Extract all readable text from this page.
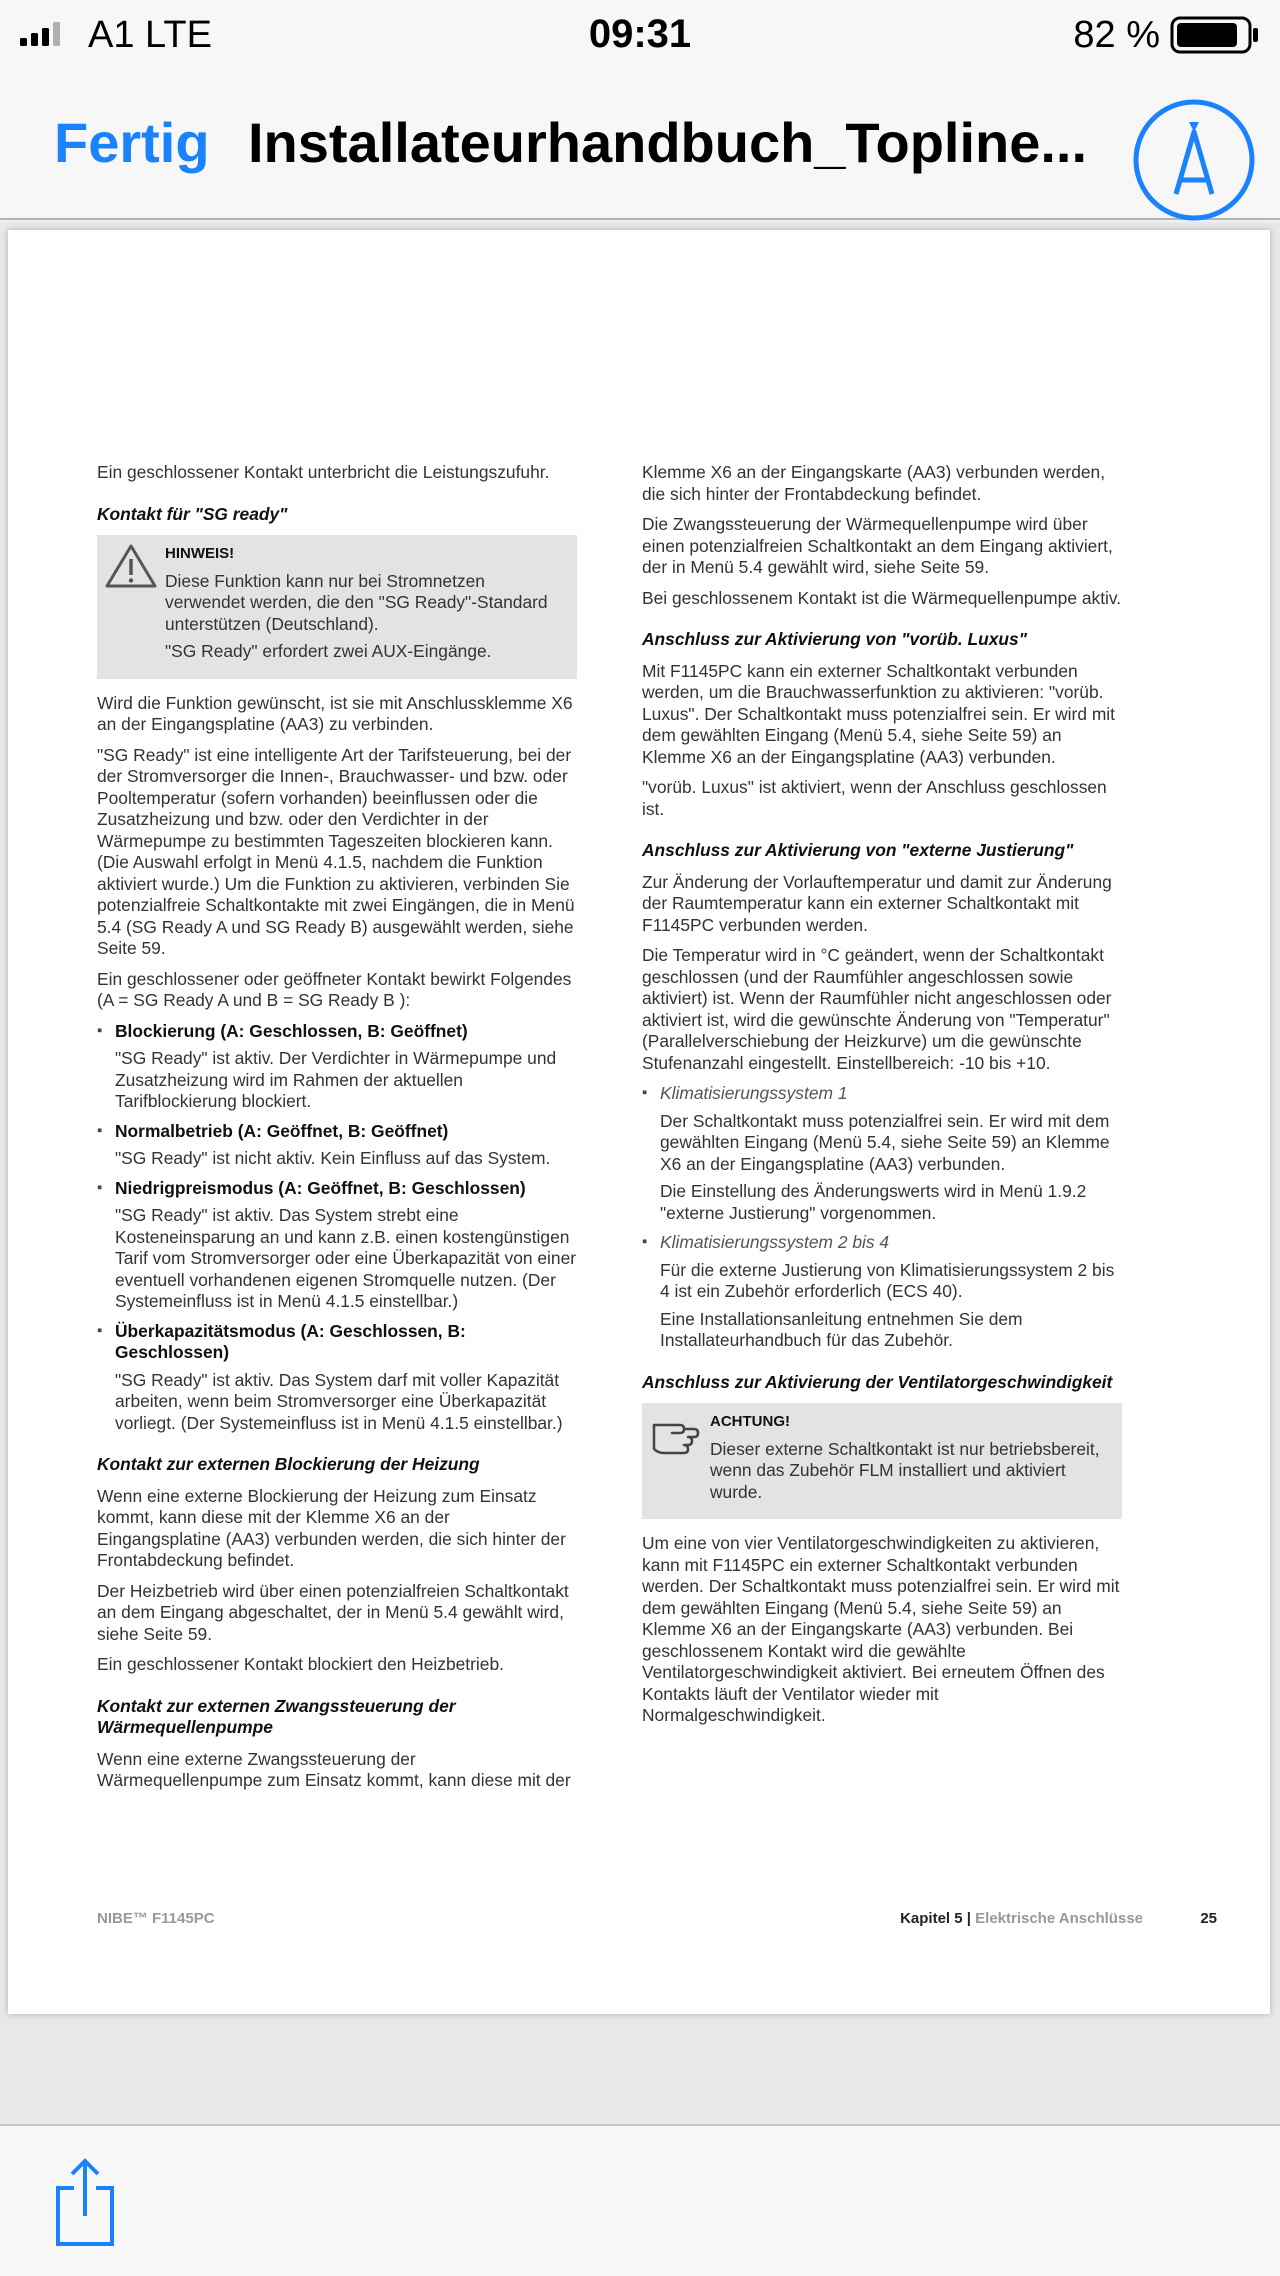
A1 LTE	09:31	82 %
Fertig Installateurhandbuch_Topline...

Ein geschlossener Kontakt unterbricht die Leistungszufuhr.

Kontakt für "SG ready"
HINWEIS!

Diese Funktion kann nur bei Stromnetzen verwendet werden, die den "SG Ready"-Standard unterstützen (Deutschland).

"SG Ready" erfordert zwei AUX-Eingänge.

Wird die Funktion gewünscht, ist sie mit Anschlussklemme X6 an der Eingangsplatine (AA3) zu verbinden.

"SG Ready" ist eine intelligente Art der Tarifsteuerung, bei der der Stromversorger die Innen-, Brauchwasser- und bzw. oder Pooltemperatur (sofern vorhanden) beeinflussen oder die Zusatzheizung und bzw. oder den Verdichter in der Wärmepumpe zu bestimmten Tageszeiten blockieren kann. (Die Auswahl erfolgt in Menü 4.1.5, nachdem die Funktion aktiviert wurde.) Um die Funktion zu aktivieren, verbinden Sie potenzialfreie Schaltkontakte mit zwei Eingängen, die in Menü 5.4 (SG Ready A und SG Ready B) ausgewählt werden, siehe Seite 59.

Ein geschlossener oder geöffneter Kontakt bewirkt Folgendes (A = SG Ready A und B = SG Ready B ):

▪ Blockierung (A: Geschlossen, B: Geöffnet)
"SG Ready" ist aktiv. Der Verdichter in Wärmepumpe und Zusatzheizung wird im Rahmen der aktuellen Tarifblockierung blockiert.
▪ Normalbetrieb (A: Geöffnet, B: Geöffnet)
"SG Ready" ist nicht aktiv. Kein Einfluss auf das System.
▪ Niedrigpreismodus (A: Geöffnet, B: Geschlossen)
"SG Ready" ist aktiv. Das System strebt eine Kosteneinsparung an und kann z.B. einen kostengünstigen Tarif vom Stromversorger oder eine Überkapazität von einer eventuell vorhandenen eigenen Stromquelle nutzen. (Der Systemeinfluss ist in Menü 4.1.5 einstellbar.)
▪ Überkapazitätsmodus (A: Geschlossen, B: Geschlossen)
"SG Ready" ist aktiv. Das System darf mit voller Kapazität arbeiten, wenn beim Stromversorger eine Überkapazität vorliegt. (Der Systemeinfluss ist in Menü 4.1.5 einstellbar.)
Kontakt zur externen Blockierung der Heizung

Wenn eine externe Blockierung der Heizung zum Einsatz kommt, kann diese mit der Klemme X6 an der Eingangsplatine (AA3) verbunden werden, die sich hinter der Frontabdeckung befindet.

Der Heizbetrieb wird über einen potenzialfreien Schaltkontakt an dem Eingang abgeschaltet, der in Menü 5.4 gewählt wird, siehe Seite 59.

Ein geschlossener Kontakt blockiert den Heizbetrieb.

Kontakt zur externen Zwangssteuerung der Wärmequellenpumpe

Wenn eine externe Zwangssteuerung der Wärmequellenpumpe zum Einsatz kommt, kann diese mit der

Klemme X6 an der Eingangskarte (AA3) verbunden werden, die sich hinter der Frontabdeckung befindet.

Die Zwangssteuerung der Wärmequellenpumpe wird über einen potenzialfreien Schaltkontakt an dem Eingang aktiviert, der in Menü 5.4 gewählt wird, siehe Seite 59.

Bei geschlossenem Kontakt ist die Wärmequellenpumpe aktiv.

Anschluss zur Aktivierung von "vorüb. Luxus"

Mit F1145PC kann ein externer Schaltkontakt verbunden werden, um die Brauchwasserfunktion zu aktivieren: "vorüb. Luxus". Der Schaltkontakt muss potenzialfrei sein. Er wird mit dem gewählten Eingang (Menü 5.4, siehe Seite 59) an Klemme X6 an der Eingangsplatine (AA3) verbunden.

"vorüb. Luxus" ist aktiviert, wenn der Anschluss geschlossen ist.

Anschluss zur Aktivierung von "externe Justierung"

Zur Änderung der Vorlauftemperatur und damit zur Änderung der Raumtemperatur kann ein externer Schaltkontakt mit F1145PC verbunden werden.

Die Temperatur wird in °C geändert, wenn der Schaltkontakt geschlossen (und der Raumfühler angeschlossen sowie aktiviert) ist. Wenn der Raumfühler nicht angeschlossen oder aktiviert ist, wird die gewünschte Änderung von "Temperatur" (Parallelverschiebung der Heizkurve) um die gewünschte Stufenanzahl eingestellt. Einstellbereich: -10 bis +10.

▪ Klimatisierungssystem 1
Der Schaltkontakt muss potenzialfrei sein. Er wird mit dem gewählten Eingang (Menü 5.4, siehe Seite 59) an Klemme X6 an der Eingangsplatine (AA3) verbunden.
Die Einstellung des Änderungswerts wird in Menü 1.9.2 "externe Justierung" vorgenommen.
▪ Klimatisierungssystem 2 bis 4
Für die externe Justierung von Klimatisierungssystem 2 bis 4 ist ein Zubehör erforderlich (ECS 40).
Eine Installationsanleitung entnehmen Sie dem Installateurhandbuch für das Zubehör.
Anschluss zur Aktivierung der Ventilatorgeschwindigkeit
ACHTUNG!

Dieser externe Schaltkontakt ist nur betriebsbereit, wenn das Zubehör FLM installiert und aktiviert wurde.

Um eine von vier Ventilatorgeschwindigkeiten zu aktivieren, kann mit F1145PC ein externer Schaltkontakt verbunden werden. Der Schaltkontakt muss potenzialfrei sein. Er wird mit dem gewählten Eingang (Menü 5.4, siehe Seite 59) an Klemme X6 an der Eingangskarte (AA3) verbunden. Bei geschlossenem Kontakt wird die gewählte Ventilatorgeschwindigkeit aktiviert. Bei erneutem Öffnen des Kontakts läuft der Ventilator wieder mit Normalgeschwindigkeit.

NIBE™ F1145PC	Kapitel 5 | Elektrische Anschlüsse	25
